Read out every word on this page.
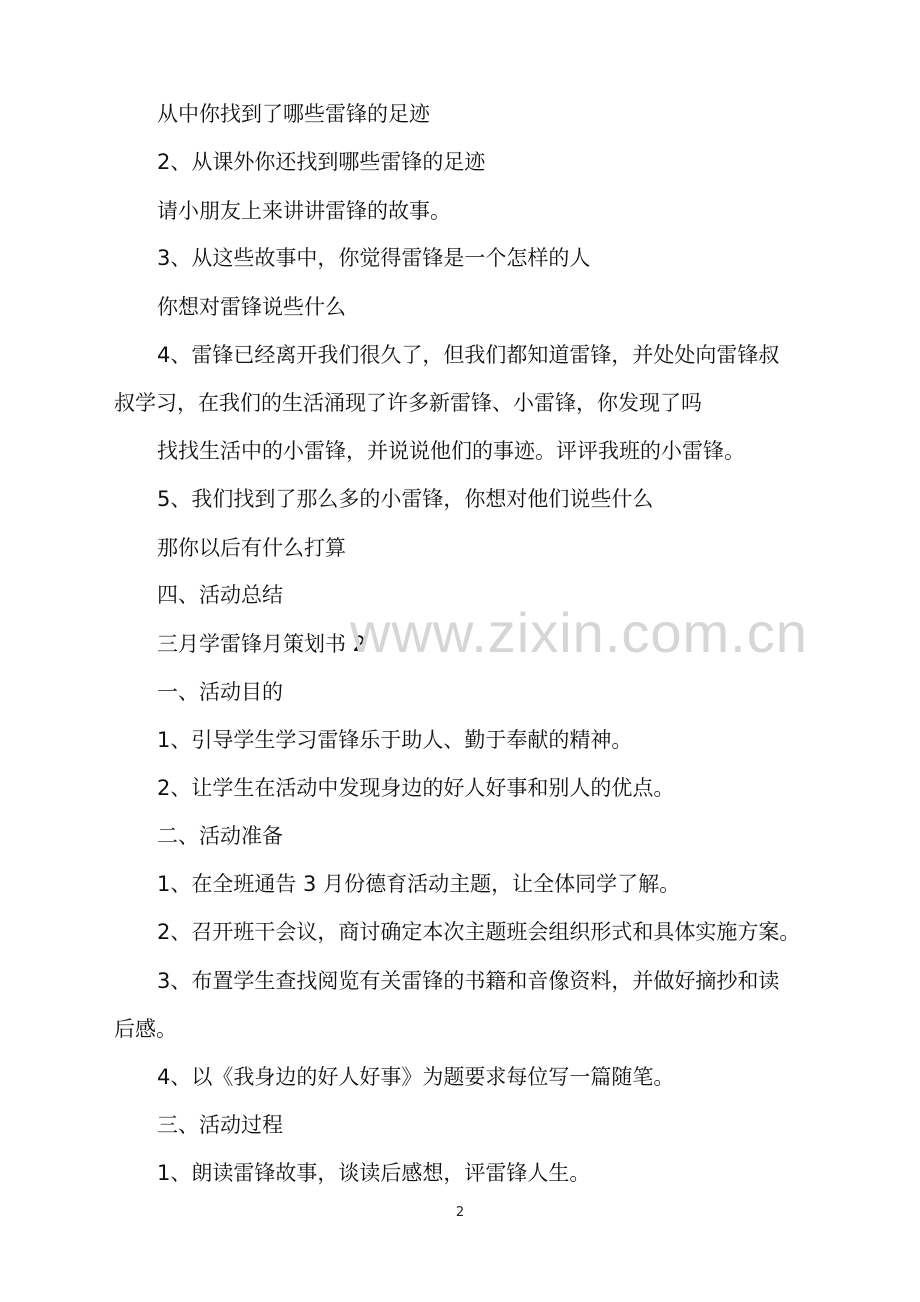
从中你找到了哪些雷锋的足迹
2、从课外你还找到哪些雷锋的足迹
请小朋友上来讲讲雷锋的故事。
3、从这些故事中，你觉得雷锋是一个怎样的人
你想对雷锋说些什么
4、雷锋已经离开我们很久了，但我们都知道雷锋，并处处向雷锋叔
叔学习，在我们的生活涌现了许多新雷锋、小雷锋，你发现了吗
找找生活中的小雷锋，并说说他们的事迹。评评我班的小雷锋。
5、我们找到了那么多的小雷锋，你想对他们说些什么
那你以后有什么打算
四、活动总结
三月学雷锋月策划书 2
一、活动目的
1、引导学生学习雷锋乐于助人、勤于奉献的精神。
2、让学生在活动中发现身边的好人好事和别人的优点。
二、活动准备
1、在全班通告 3 月份德育活动主题，让全体同学了解。
2、召开班干会议，商讨确定本次主题班会组织形式和具体实施方案。
3、布置学生查找阅览有关雷锋的书籍和音像资料，并做好摘抄和读
后感。
4、以《我身边的好人好事》为题要求每位写一篇随笔。
三、活动过程
1、朗读雷锋故事，谈读后感想，评雷锋人生。
www.zixin.com.cn
2
